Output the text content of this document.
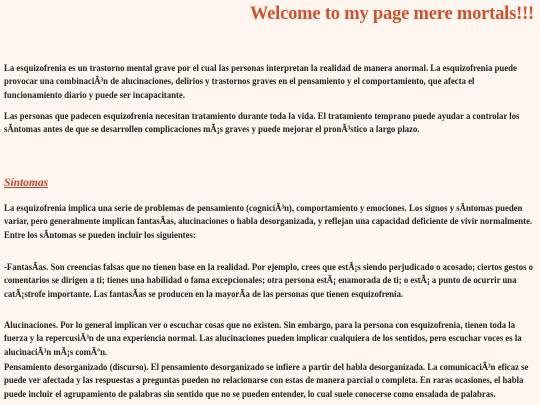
Welcome to my page mere mortals!!!

La esquizofrenia es un trastorno mental grave por el cual las personas interpretan la realidad de manera anormal. La esquizofrenia puede provocar una combinaciÃ³n de alucinaciones, delirios y trastornos graves en el pensamiento y el comportamiento, que afecta el funcionamiento diario y puede ser incapacitante.

Las personas que padecen esquizofrenia necesitan tratamiento durante toda la vida. El tratamiento temprano puede ayudar a controlar los sÃntomas antes de que se desarrollen complicaciones mÃ¡s graves y puede mejorar el pronÃ³stico a largo plazo.

Síntomas

La esquizofrenia implica una serie de problemas de pensamiento (cogniciÃ³n), comportamiento y emociones. Los signos y sÃntomas pueden variar, pero generalmente implican fantasÃas, alucinaciones o habla desorganizada, y reflejan una capacidad deficiente de vivir normalmente. Entre los sÃntomas se pueden incluir los siguientes:

-FantasÃas. Son creencias falsas que no tienen base en la realidad. Por ejemplo, crees que estÃ¡s siendo perjudicado o acosado; ciertos gestos o comentarios se dirigen a ti; tienes una habilidad o fama excepcionales; otra persona estÃ¡ enamorada de ti; o estÃ¡ a punto de ocurrir una catÃ¡strofe importante. Las fantasÃas se producen en la mayorÃa de las personas que tienen esquizofrenia.

Alucinaciones. Por lo general implican ver o escuchar cosas que no existen. Sin embargo, para la persona con esquizofrenia, tienen toda la fuerza y la repercusiÃ³n de una experiencia normal. Las alucinaciones pueden implicar cualquiera de los sentidos, pero escuchar voces es la alucinaciÃ³n mÃ¡s comÃºn.

Pensamiento desorganizado (discurso). El pensamiento desorganizado se infiere a partir del habla desorganizada. La comunicaciÃ³n eficaz se puede ver afectada y las respuestas a preguntas pueden no relacionarse con estas de manera parcial o completa. En raras ocasiones, el habla puede incluir el agrupamiento de palabras sin sentido que no se pueden entender, lo cual suele conocerse como ensalada de palabras.
